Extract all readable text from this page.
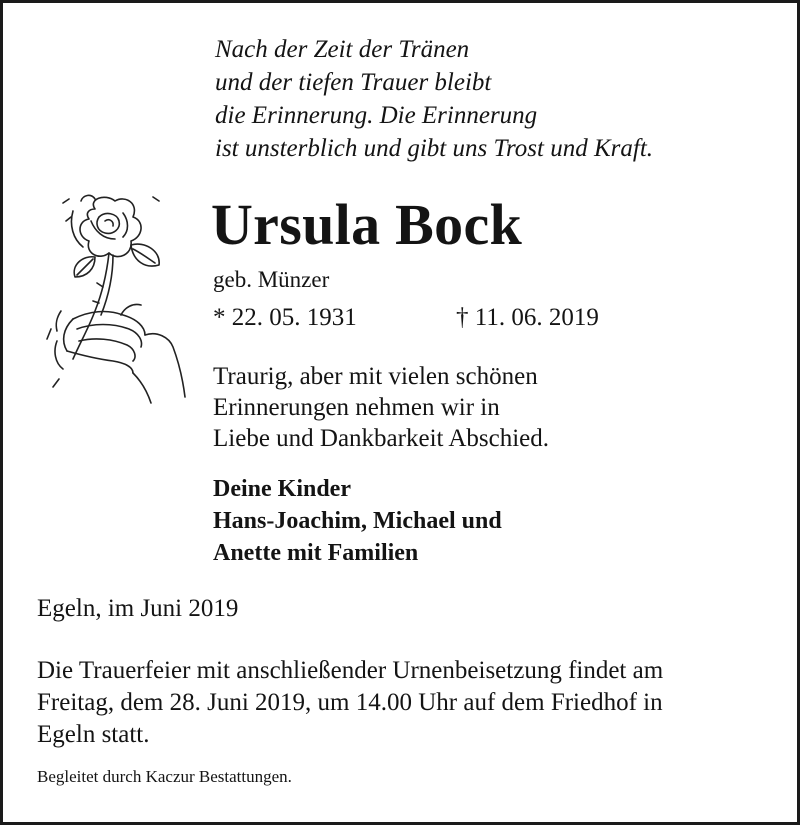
Nach der Zeit der Tränen
und der tiefen Trauer bleibt
die Erinnerung. Die Erinnerung
ist unsterblich und gibt uns Trost und Kraft.
Ursula Bock
geb. Münzer
* 22. 05. 1931	† 11. 06. 2019
Traurig, aber mit vielen schönen
Erinnerungen nehmen wir in
Liebe und Dankbarkeit Abschied.
Deine Kinder
Hans-Joachim, Michael und
Anette mit Familien
Egeln, im Juni 2019
Die Trauerfeier mit anschließender Urnenbeisetzung findet am
Freitag, dem 28. Juni 2019, um 14.00 Uhr auf dem Friedhof in
Egeln statt.
Begleitet durch Kaczur Bestattungen.
